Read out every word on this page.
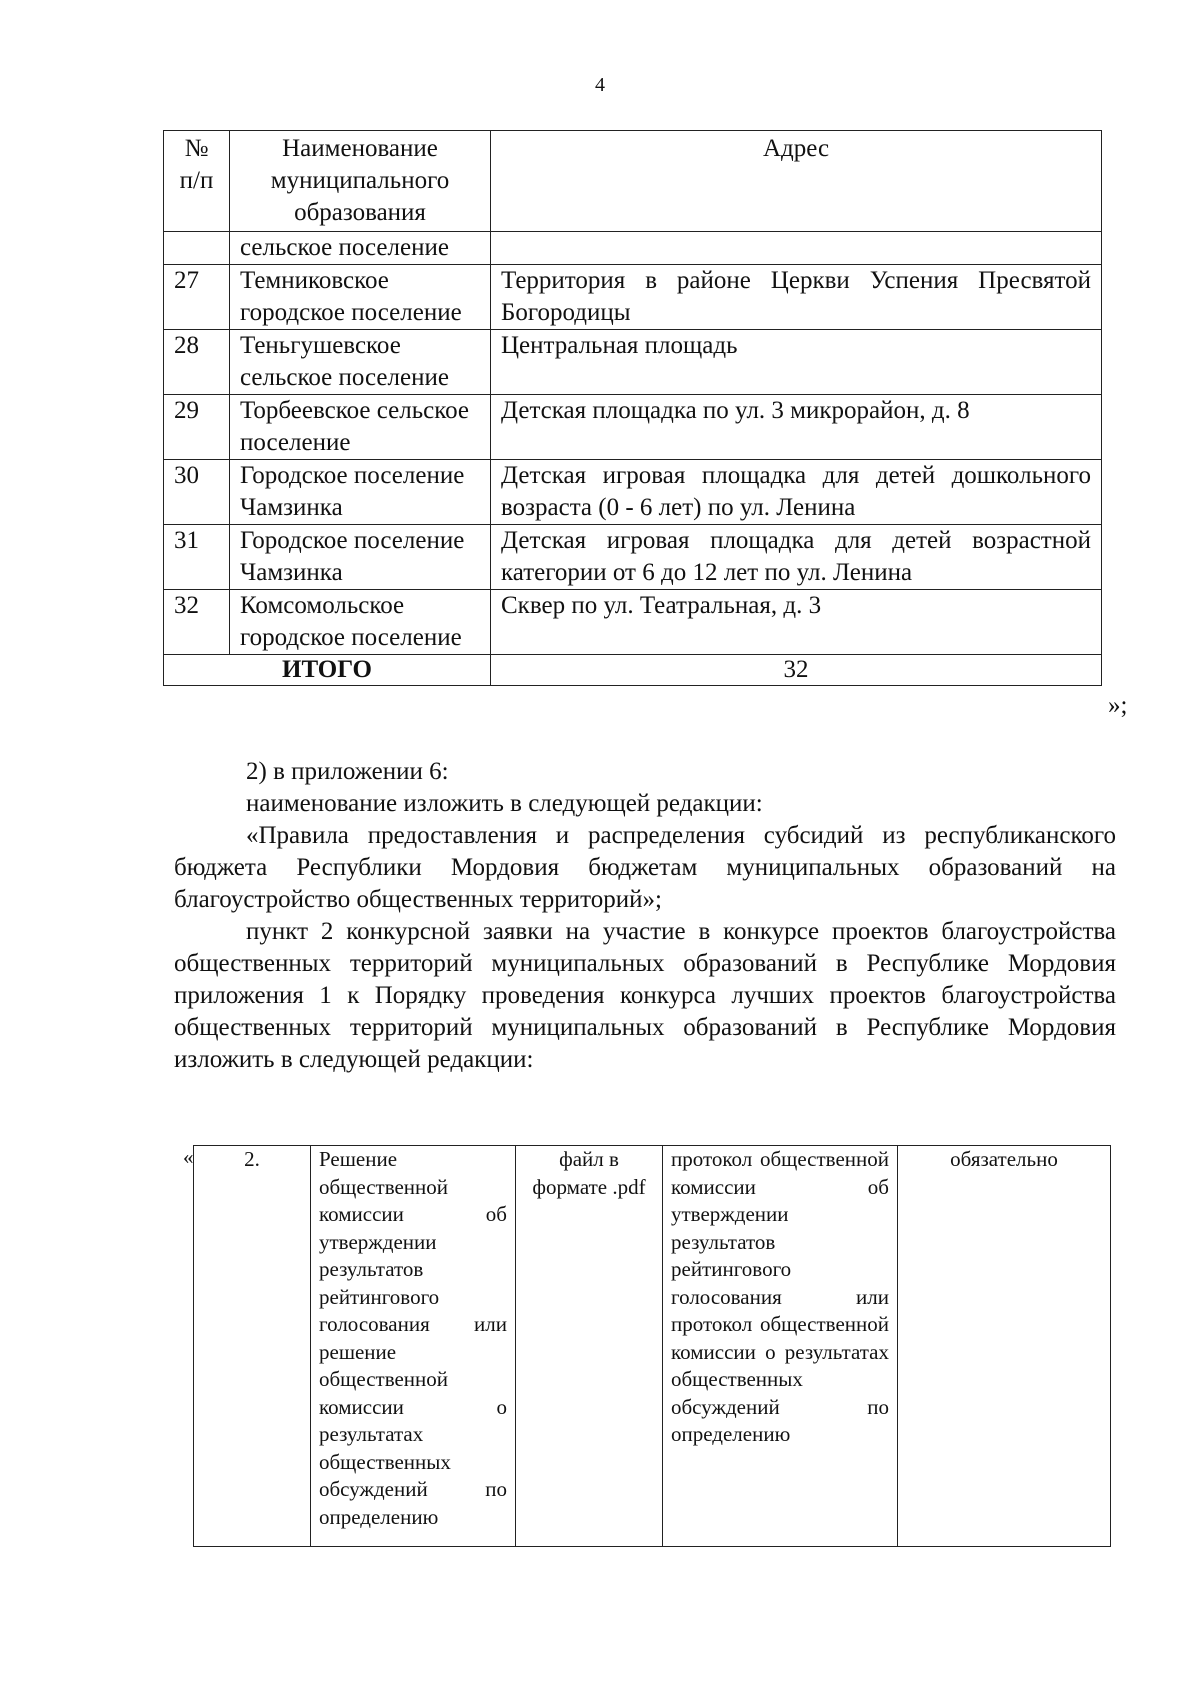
4
№ п/п	Наименование муниципального образования	Адрес
	сельское поселение	
27	Темниковское городское поселение	Территория в районе Церкви Успения Пресвятой Богородицы
28	Теньгушевское сельское поселение	Центральная площадь
29	Торбеевское сельское поселение	Детская площадка по ул. 3 микрорайон, д. 8
30	Городское поселение Чамзинка	Детская игровая площадка для детей дошкольного возраста (0 - 6 лет) по ул. Ленина
31	Городское поселение Чамзинка	Детская игровая площадка для детей возрастной категории от 6 до 12 лет по ул. Ленина
32	Комсомольское городское поселение	Сквер по ул. Театральная, д. 3
ИТОГО		32
»;

2) в приложении 6:

наименование изложить в следующей редакции:

«Правила предоставления и распределения субсидий из республиканского бюджета Республики Мордовия бюджетам муниципальных образований на благоустройство общественных территорий»;

пункт 2 конкурсной заявки на участие в конкурсе проектов благоустройства общественных территорий муниципальных образований в Республике Мордовия приложения 1 к Порядку проведения конкурса лучших проектов благоустройства общественных территорий муниципальных образований в Республике Мордовия изложить в следующей редакции:

« 2.	Решение общественной комиссии об утверждении результатов рейтингового голосования или решение общественной комиссии о результатах общественных обсуждений по определению	файл в формате .pdf	протокол общественной комиссии об утверждении результатов рейтингового голосования или протокол общественной комиссии о результатах общественных обсуждений по определению	обязательно
